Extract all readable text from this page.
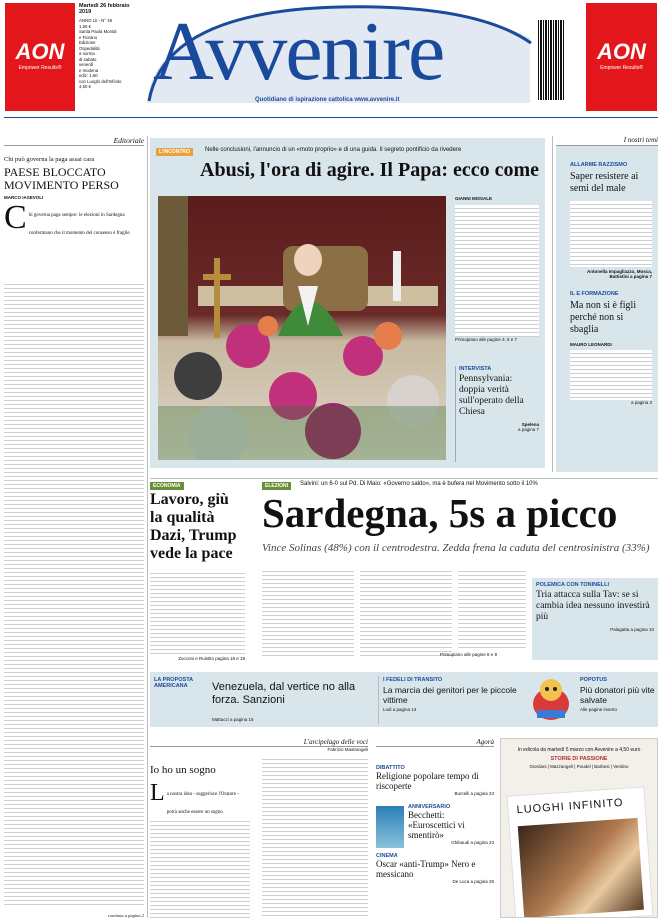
AON
Empower Results®
Martedì 26 febbraio 2019
ANNO LII - N° 48
1,50 €
Santa Paola Montal
e Fiorano
Edizione
Ospedalità
a norma
di sabato
venerdì
e modena
ediz: 1,60
con Luoghi dell'Infinito
4,50 € Avvenire
Quotidiano di ispirazione cattolica www.avvenire.it
AON
Empower Results®
Editoriale
Chi può governa la paga assai cara
PAESE BLOCCATO MOVIMENTO PERSO
MARCO IASEVOLI
C hi governa paga sempre: le elezioni in Sardegna confermano che il momento del consenso è fragile
continua a pagina 2
L'INCONTRO	Nelle conclusioni, l'annuncio di un «moto proprio» e di una guida. Il segreto pontificio da rivedere
Abusi, l'ora di agire. Il Papa: ecco come
GIANNI MISSALE
Primopiano alle pagine 3, 5 e 7
INTERVISTA
Pennsylvania: doppia verità sull'operato della Chiesa
Spelena
a pagina 7
I nostri temi
ALLARME RAZZISMO
Saper resistere ai semi del male
Antonella Impagliazzo, Mosca, Battistini a pagina 7
IL E FORMAZIONE
Ma non si è figli perché non si sbaglia
MAURO LEONARDI
a pagina 3
ECONOMIA
Lavoro, giù la qualità Dazi, Trump vede la pace
Zucconi e Ruistito pagina 18 e 19
ELEZIONI	Salvini: un 6-0 sul Pd. Di Maio: «Governo saldo», ma è bufera nel Movimento sotto il 10%
Sardegna, 5s a picco
Vince Solinas (48%) con il centrodestra. Zedda frena la caduta del centrosinistra (33%)
Primopiano alle pagine 8 e 9
POLEMICA CON TONINELLI
Tria attacca sulla Tav: se si cambia idea nessuno investirà più
Palagatta a pagina 10
LA PROPOSTA AMERICANA	Venezuela, dal vertice no alla forza. Sanzioni
Mattucci a pagina 15
I FEDELI DI TRANSITO
La marcia dei genitori per le piccole vittime
Lodi a pagina 13
POPOTUS
Più donatori più vite salvate
Alle pagine inserto
L'arcipelago delle voci
Fabrizio Mastrangeli
Io ho un sogno
L a nostra idea - suggerisce l'Oratore - potrà anche essere un sogno
Agorà
DIBATTITO
Religione popolare tempo di riscoperte
Burcelli a pagina 23
ANNIVERSARIO
Becchetti: «Euroscettici vi smentirò»
Ghibaudi a pagina 23
CINEMA
Oscar «anti-Trump» Nero e messicano
De Luca a pagina 25
In edicola da martedì 5 marzo con Avvenire a 4,50 euro
STORIE DI PASSIONE
Giordani | Mazzangeli | Poudel | Barbesi | Verdino
LUOGHI INFINITO
